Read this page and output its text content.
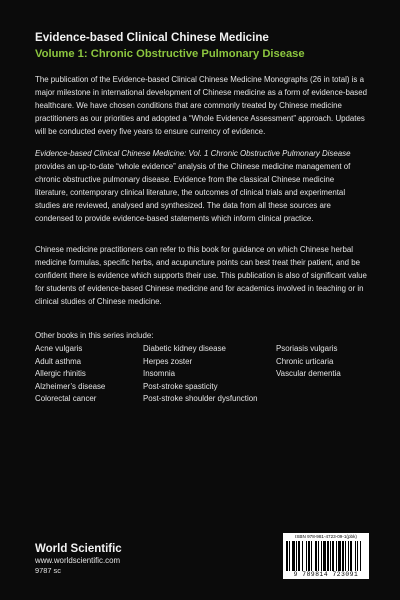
Evidence-based Clinical Chinese Medicine
Volume 1: Chronic Obstructive Pulmonary Disease

The publication of the Evidence-based Clinical Chinese Medicine Monographs (26 in total) is a major milestone in international development of Chinese medicine as a form of evidence-based healthcare. We have chosen conditions that are commonly treated by Chinese medicine practitioners as our priorities and adopted a “Whole Evidence Assessment” approach. Updates will be conducted every five years to ensure currency of evidence.

Evidence-based Clinical Chinese Medicine: Vol. 1 Chronic Obstructive Pulmonary Disease provides an up-to-date “whole evidence” analysis of the Chinese medicine management of chronic obstructive pulmonary disease. Evidence from the classical Chinese medicine literature, contemporary clinical literature, the outcomes of clinical trials and experimental studies are reviewed, analysed and synthesized. The data from all these sources are condensed to provide evidence-based statements which inform clinical practice.

Chinese medicine practitioners can refer to this book for guidance on which Chinese herbal medicine formulas, specific herbs, and acupuncture points can best treat their patient, and be confident there is evidence which supports their use. This publication is also of significant value for students of evidence-based Chinese medicine and for academics involved in teaching or in clinical studies of Chinese medicine.

Other books in this series include:
Acne vulgaris
Adult asthma
Allergic rhinitis
Alzheimer’s disease
Colorectal cancer
Diabetic kidney disease
Herpes zoster
Insomnia
Post-stroke spasticity
Post-stroke shoulder dysfunction
Psoriasis vulgaris
Chronic urticaria
Vascular dementia
World Scientific
www.worldscientific.com
9787 sc
ISBN 978-981-4723-09-1(pbk)
9 789814 723091
